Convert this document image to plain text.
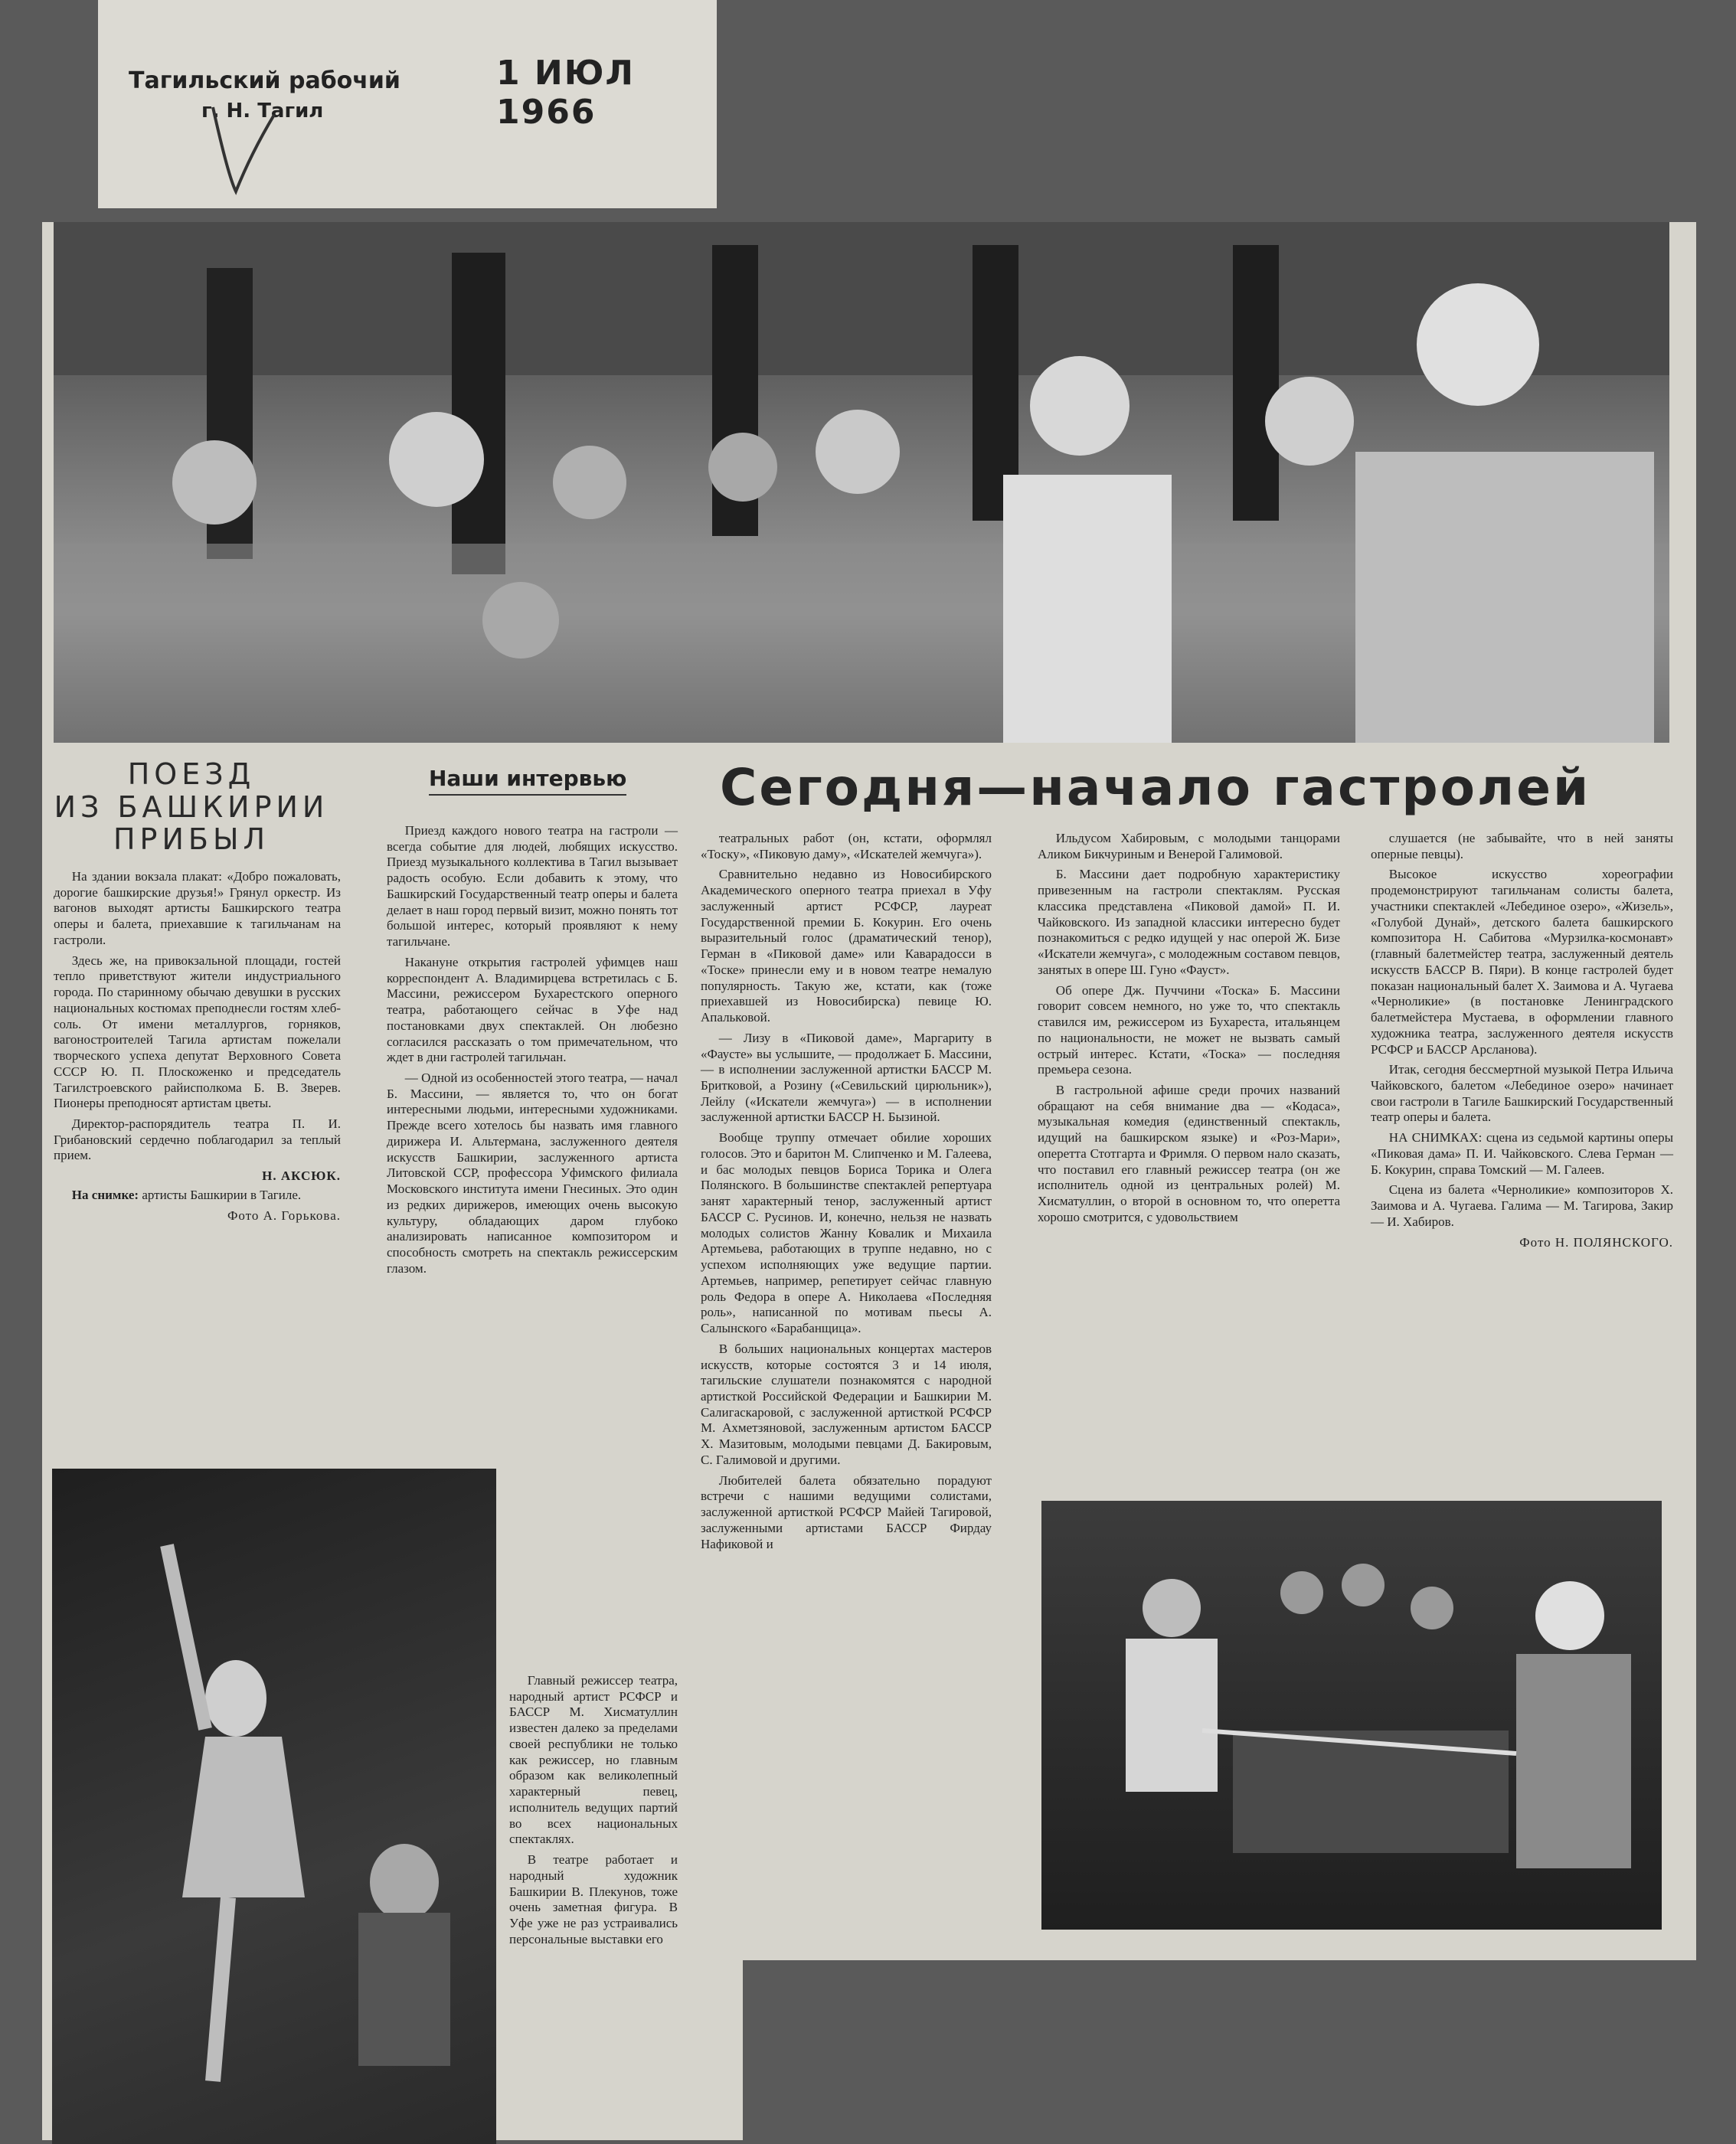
Тагильский рабочий
г. Н. Тагил
1 ИЮЛ 1966
ПОЕЗД
ИЗ БАШКИРИИ
ПРИБЫЛ
Наши интервью Сегодня—начало гастролей

На здании вокзала плакат: «Добро пожаловать, дорогие башкирские друзья!» Грянул оркестр. Из вагонов выходят артисты Башкирского театра оперы и балета, приехавшие к тагильчанам на гастроли.

Здесь же, на привокзальной площади, гостей тепло приветствуют жители индустриального города. По старинному обычаю девушки в русских национальных костюмах преподнесли гостям хлеб-соль. От имени металлургов, горняков, вагоностроителей Тагила артистам пожелали творческого успеха депутат Верховного Совета СССР Ю. П. Плоскоженко и председатель Тагилстроевского райисполкома Б. В. Зверев. Пионеры преподносят артистам цветы.

Директор-распорядитель театра П. И. Грибановский сердечно поблагодарил за теплый прием.

Н. АКСЮК.

На снимке: артисты Башкирии в Тагиле.

Фото А. Горькова.

Приезд каждого нового театра на гастроли — всегда событие для людей, любящих искусство. Приезд музыкального коллектива в Тагил вызывает радость особую. Если добавить к этому, что Башкирский Государственный театр оперы и балета делает в наш город первый визит, можно понять тот большой интерес, который проявляют к нему тагильчане.

Накануне открытия гастролей уфимцев наш корреспондент А. Владимирцева встретилась с Б. Массини, режиссером Бухарестского оперного театра, работающего сейчас в Уфе над постановками двух спектаклей. Он любезно согласился рассказать о том примечательном, что ждет в дни гастролей тагильчан.

— Одной из особенностей этого театра, — начал Б. Массини, — является то, что он богат интересными людьми, интересными художниками. Прежде всего хотелось бы назвать имя главного дирижера И. Альтермана, заслуженного деятеля искусств Башкирии, заслуженного артиста Литовской ССР, профессора Уфимского филиала Московского института имени Гнесиных. Это один из редких дирижеров, имеющих очень высокую культуру, обладающих даром глубоко анализировать написанное композитором и способность смотреть на спектакль режиссерским глазом.

Главный режиссер театра, народный артист РСФСР и БАССР М. Хисматуллин известен далеко за пределами своей республики не только как режиссер, но главным образом как великолепный характерный певец, исполнитель ведущих партий во всех национальных спектаклях.

В театре работает и народный художник Башкирии В. Плекунов, тоже очень заметная фигура. В Уфе уже не раз устраивались персональные выставки его

театральных работ (он, кстати, оформлял «Тоску», «Пиковую даму», «Искателей жемчуга»).

Сравнительно недавно из Новосибирского Академического оперного театра приехал в Уфу заслуженный артист РСФСР, лауреат Государственной премии Б. Кокурин. Его очень выразительный голос (драматический тенор), Герман в «Пиковой даме» или Каварадосси в «Тоске» принесли ему и в новом театре немалую популярность. Такую же, кстати, как (тоже приехавшей из Новосибирска) певице Ю. Апальковой.

— Лизу в «Пиковой даме», Маргариту в «Фаусте» вы услышите, — продолжает Б. Массини, — в исполнении заслуженной артистки БАССР М. Бритковой, а Розину («Севильский цирюльник»), Лейлу («Искатели жемчуга») — в исполнении заслуженной артистки БАССР Н. Бызиной.

Вообще труппу отмечает обилие хороших голосов. Это и баритон М. Слипченко и М. Галеева, и бас молодых певцов Бориса Торика и Олега Полянского. В большинстве спектаклей репертуара занят характерный тенор, заслуженный артист БАССР С. Русинов. И, конечно, нельзя не назвать молодых солистов Жанну Ковалик и Михаила Артемьева, работающих в труппе недавно, но с успехом исполняющих уже ведущие партии. Артемьев, например, репетирует сейчас главную роль Федора в опере А. Николаева «Последняя роль», написанной по мотивам пьесы А. Салынского «Барабанщица».

В больших национальных концертах мастеров искусств, которые состоятся 3 и 14 июля, тагильские слушатели познакомятся с народной артисткой Российской Федерации и Башкирии М. Салигаскаровой, с заслуженной артисткой РСФСР М. Ахметзяновой, заслуженным артистом БАССР Х. Мазитовым, молодыми певцами Д. Бакировым, С. Галимовой и другими.

Любителей балета обязательно порадуют встречи с нашими ведущими солистами, заслуженной артисткой РСФСР Майей Тагировой, заслуженными артистами БАССР Фирдау Нафиковой и

Ильдусом Хабировым, с молодыми танцорами Аликом Бикчуриным и Венерой Галимовой.

Б. Массини дает подробную характеристику привезенным на гастроли спектаклям. Русская классика представлена «Пиковой дамой» П. И. Чайковского. Из западной классики интересно будет познакомиться с редко идущей у нас оперой Ж. Бизе «Искатели жемчуга», с молодежным составом певцов, занятых в опере Ш. Гуно «Фауст».

Об опере Дж. Пуччини «Тоска» Б. Массини говорит совсем немного, но уже то, что спектакль ставился им, режиссером из Бухареста, итальянцем по национальности, не может не вызвать самый острый интерес. Кстати, «Тоска» — последняя премьера сезона.

В гастрольной афише среди прочих названий обращают на себя внимание два — «Кодаса», музыкальная комедия (единственный спектакль, идущий на башкирском языке) и «Роз-Мари», оперетта Стотгарта и Фримля. О первом нало сказать, что поставил его главный режиссер театра (он же исполнитель одной из центральных ролей) М. Хисматуллин, о второй в основном то, что оперетта хорошо смотрится, с удовольствием

слушается (не забывайте, что в ней заняты оперные певцы).

Высокое искусство хореографии продемонстрируют тагильчанам солисты балета, участники спектаклей «Лебединое озеро», «Жизель», «Голубой Дунай», детского балета башкирского композитора Н. Сабитова «Мурзилка-космонавт» (главный балетмейстер театра, заслуженный деятель искусств БАССР В. Пяри). В конце гастролей будет показан национальный балет Х. Заимова и А. Чугаева «Черноликие» (в постановке Ленинградского балетмейстера Мустаева, в оформлении главного художника театра, заслуженного деятеля искусств РСФСР и БАССР Арсланова).

Итак, сегодня бессмертной музыкой Петра Ильича Чайковского, балетом «Лебединое озеро» начинает свои гастроли в Тагиле Башкирский Государственный театр оперы и балета.

НА СНИМКАХ: сцена из седьмой картины оперы «Пиковая дама» П. И. Чайковского. Слева Герман — Б. Кокурин, справа Томский — М. Галеев.

Сцена из балета «Черноликие» композиторов Х. Заимова и А. Чугаева. Галима — М. Тагирова, Закир — И. Хабиров.

Фото Н. ПОЛЯНСКОГО.
